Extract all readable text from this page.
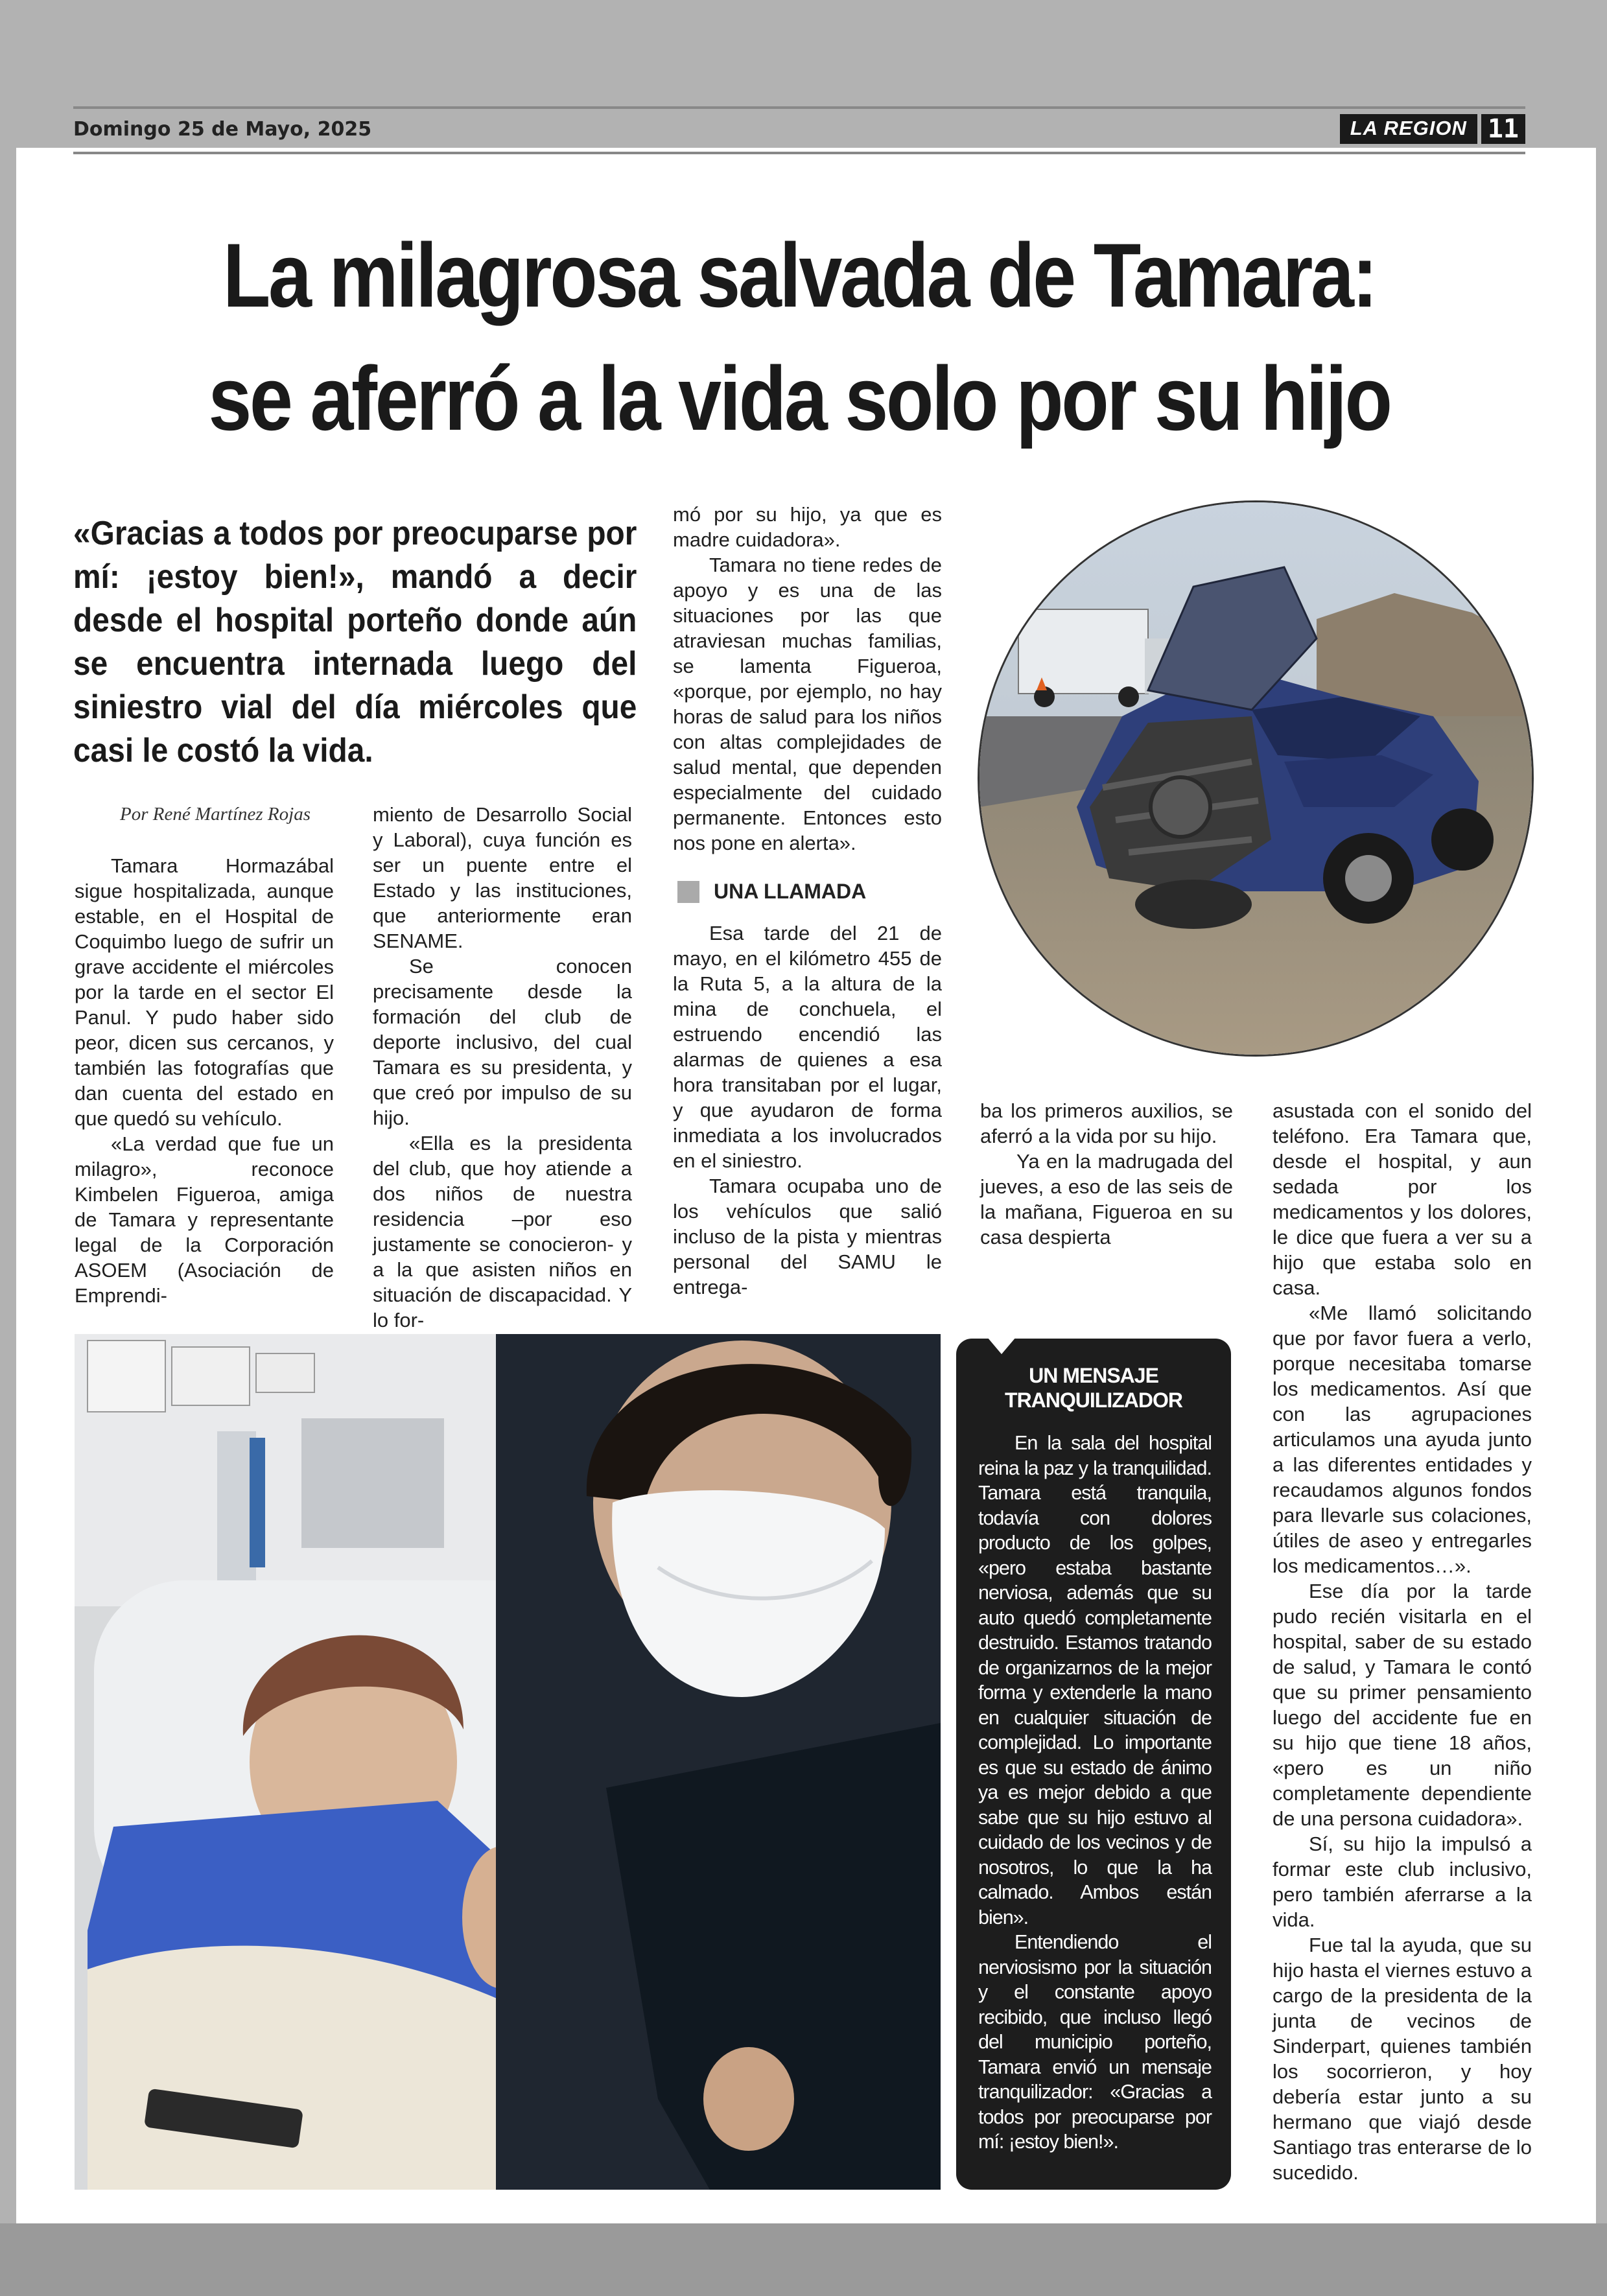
Domingo 25 de Mayo, 2025	LA REGION 11
La milagrosa salvada de Tamara:
se aferró a la vida solo por su hijo
«Gracias a todos por preocuparse por mí: ¡estoy bien!», mandó a decir desde el hospital porteño donde aún se encuentra internada luego del siniestro vial del día miércoles que casi le costó la vida.
Por René Martínez Rojas

Tamara Hormazábal sigue hospitalizada, aunque estable, en el Hospital de Coquimbo luego de sufrir un grave accidente el miércoles por la tarde en el sector El Panul. Y pudo haber sido peor, dicen sus cercanos, y también las fotografías que dan cuenta del estado en que quedó su vehículo.

«La verdad que fue un milagro», reconoce Kimbelen Figueroa, amiga de Tamara y representante legal de la Corporación ASOEM (Asociación de Emprendi-

miento de Desarrollo Social y Laboral), cuya función es ser un puente entre el Estado y las instituciones, que anteriormente eran SENAME.

Se conocen precisamente desde la formación del club de deporte inclusivo, del cual Tamara es su presidenta, y que creó por impulso de su hijo.

«Ella es la presidenta del club, que hoy atiende a dos niños de nuestra residencia –por eso justamente se conocieron- y a la que asisten niños en situación de discapacidad. Y lo for-

mó por su hijo, ya que es madre cuidadora».

Tamara no tiene redes de apoyo y es una de las situaciones por las que atraviesan muchas familias, se lamenta Figueroa, «porque, por ejemplo, no hay horas de salud para los niños con altas complejidades de salud mental, que dependen especialmente del cuidado permanente. Entonces esto nos pone en alerta».

UNA LLAMADA

Esa tarde del 21 de mayo, en el kilómetro 455 de la Ruta 5, a la altura de la mina de conchuela, el estruendo encendió las alarmas de quienes a esa hora transitaban por el lugar, y que ayudaron de forma inmediata a los involucrados en el siniestro.

Tamara ocupaba uno de los vehículos que salió incluso de la pista y mientras personal del SAMU le entrega-

ba los primeros auxilios, se aferró a la vida por su hijo.

Ya en la madrugada del jueves, a eso de las seis de la mañana, Figueroa en su casa despierta

asustada con el sonido del teléfono. Era Tamara que, desde el hospital, y aun sedada por los medicamentos y los dolores, le dice que fuera a ver su a hijo que estaba solo en casa.

«Me llamó solicitando que por favor fuera a verlo, porque necesitaba tomarse los medicamentos. Así que con las agrupaciones articulamos una ayuda junto a las diferentes entidades y recaudamos algunos fondos para llevarle sus colaciones, útiles de aseo y entregarles los medicamentos…».

Ese día por la tarde pudo recién visitarla en el hospital, saber de su estado de salud, y Tamara le contó que su primer pensamiento luego del accidente fue en su hijo que tiene 18 años, «pero es un niño completamente dependiente de una persona cuidadora».

Sí, su hijo la impulsó a formar este club inclusivo, pero también aferrarse a la vida.

Fue tal la ayuda, que su hijo hasta el viernes estuvo a cargo de la presidenta de la junta de vecinos de Sinderpart, quienes también los socorrieron, y hoy debería estar junto a su hermano que viajó desde Santiago tras enterarse de lo sucedido.

UN MENSAJE TRANQUILIZADOR

En la sala del hospital reina la paz y la tranquilidad. Tamara está tranquila, todavía con dolores producto de los golpes, «pero estaba bastante nerviosa, además que su auto quedó completamente destruido. Estamos tratando de organizarnos de la mejor forma y extenderle la mano en cualquier situación de complejidad. Lo importante es que su estado de ánimo ya es mejor debido a que sabe que su hijo estuvo al cuidado de los vecinos y de nosotros, lo que la ha calmado. Ambos están bien».

Entendiendo el nerviosismo por la situación y el constante apoyo recibido, que incluso llegó del municipio porteño, Tamara envió un mensaje tranquilizador: «Gracias a todos por preocuparse por mí: ¡estoy bien!».
